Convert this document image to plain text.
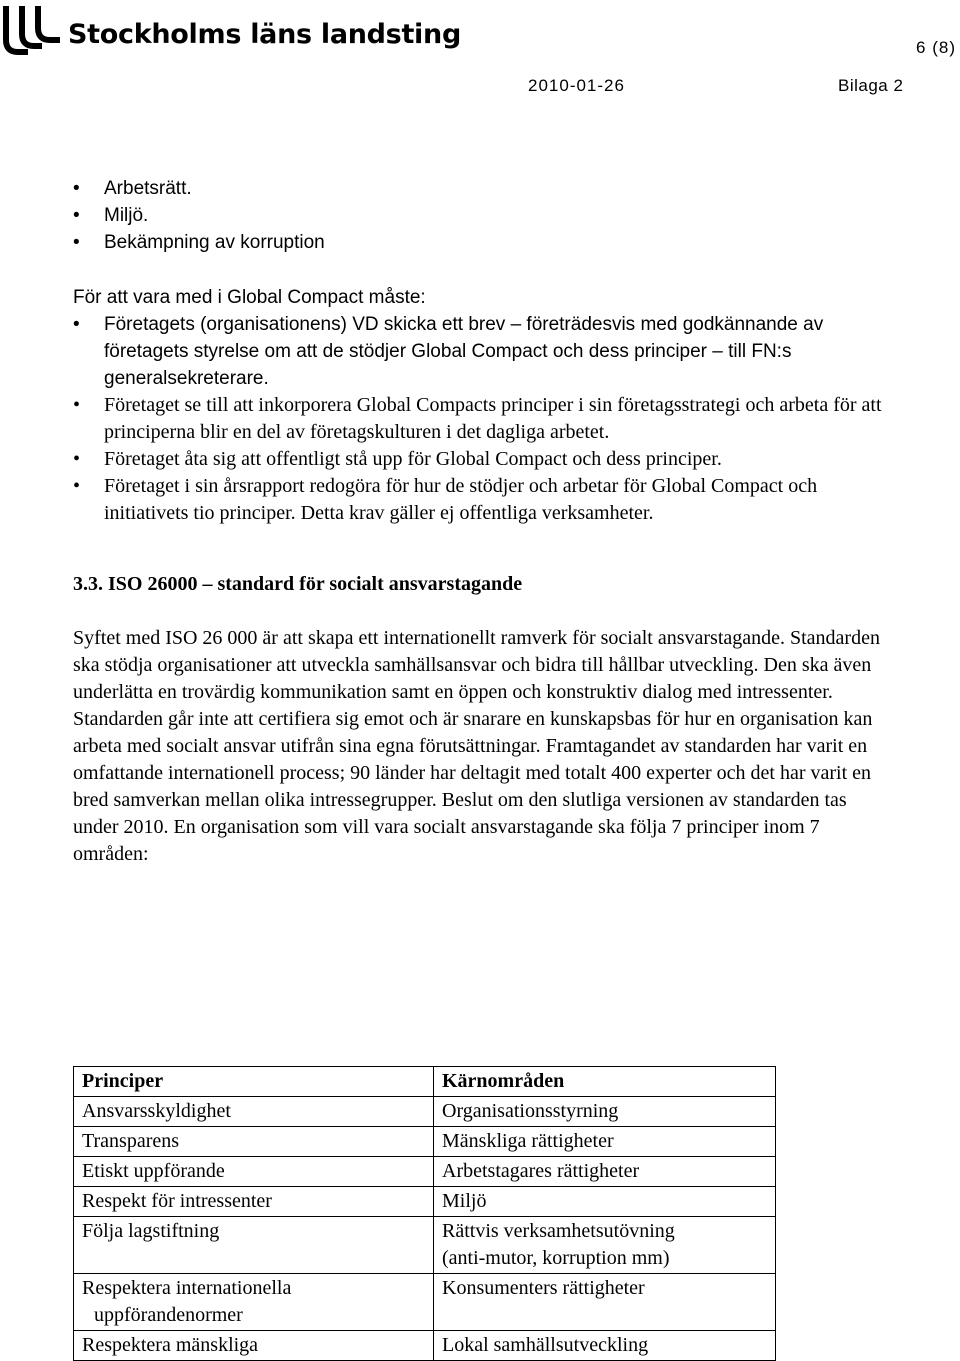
Stockholms läns landsting	6 (8)
2010-01-26	Bilaga 2
• Arbetsrätt.
• Miljö.
• Bekämpning av korruption
För att vara med i Global Compact måste:
• Företagets (organisationens) VD skicka ett brev – företrädesvis med godkännande av företagets styrelse om att de stödjer Global Compact och dess principer – till FN:s generalsekreterare.
• Företaget se till att inkorporera Global Compacts principer i sin företagsstrategi och arbeta för att principerna blir en del av företagskulturen i det dagliga arbetet.
• Företaget åta sig att offentligt stå upp för Global Compact och dess principer.
• Företaget i sin årsrapport redogöra för hur de stödjer och arbetar för Global Compact och initiativets tio principer. Detta krav gäller ej offentliga verksamheter.
3.3. ISO 26000 – standard för socialt ansvarstagande
Syftet med ISO 26 000 är att skapa ett internationellt ramverk för socialt ansvarstagande. Standarden ska stödja organisationer att utveckla samhällsansvar och bidra till hållbar utveckling. Den ska även underlätta en trovärdig kommunikation samt en öppen och konstruktiv dialog med intressenter. Standarden går inte att certifiera sig emot och är snarare en kunskapsbas för hur en organisation kan arbeta med socialt ansvar utifrån sina egna förutsättningar. Framtagandet av standarden har varit en omfattande internationell process; 90 länder har deltagit med totalt 400 experter och det har varit en bred samverkan mellan olika intressegrupper. Beslut om den slutliga versionen av standarden tas under 2010. En organisation som vill vara socialt ansvarstagande ska följa 7 principer inom 7 områden:
Principer	Kärnområden
Ansvarsskyldighet	Organisationsstyrning
Transparens	Mänskliga rättigheter
Etiskt uppförande	Arbetstagares rättigheter
Respekt för intressenter	Miljö
Följa lagstiftning	Rättvis verksamhetsutövning
(anti-mutor, korruption mm)

Respektera internationella
uppförandenormer	Konsumenters rättigheter
Respektera mänskliga	Lokal samhällsutveckling
